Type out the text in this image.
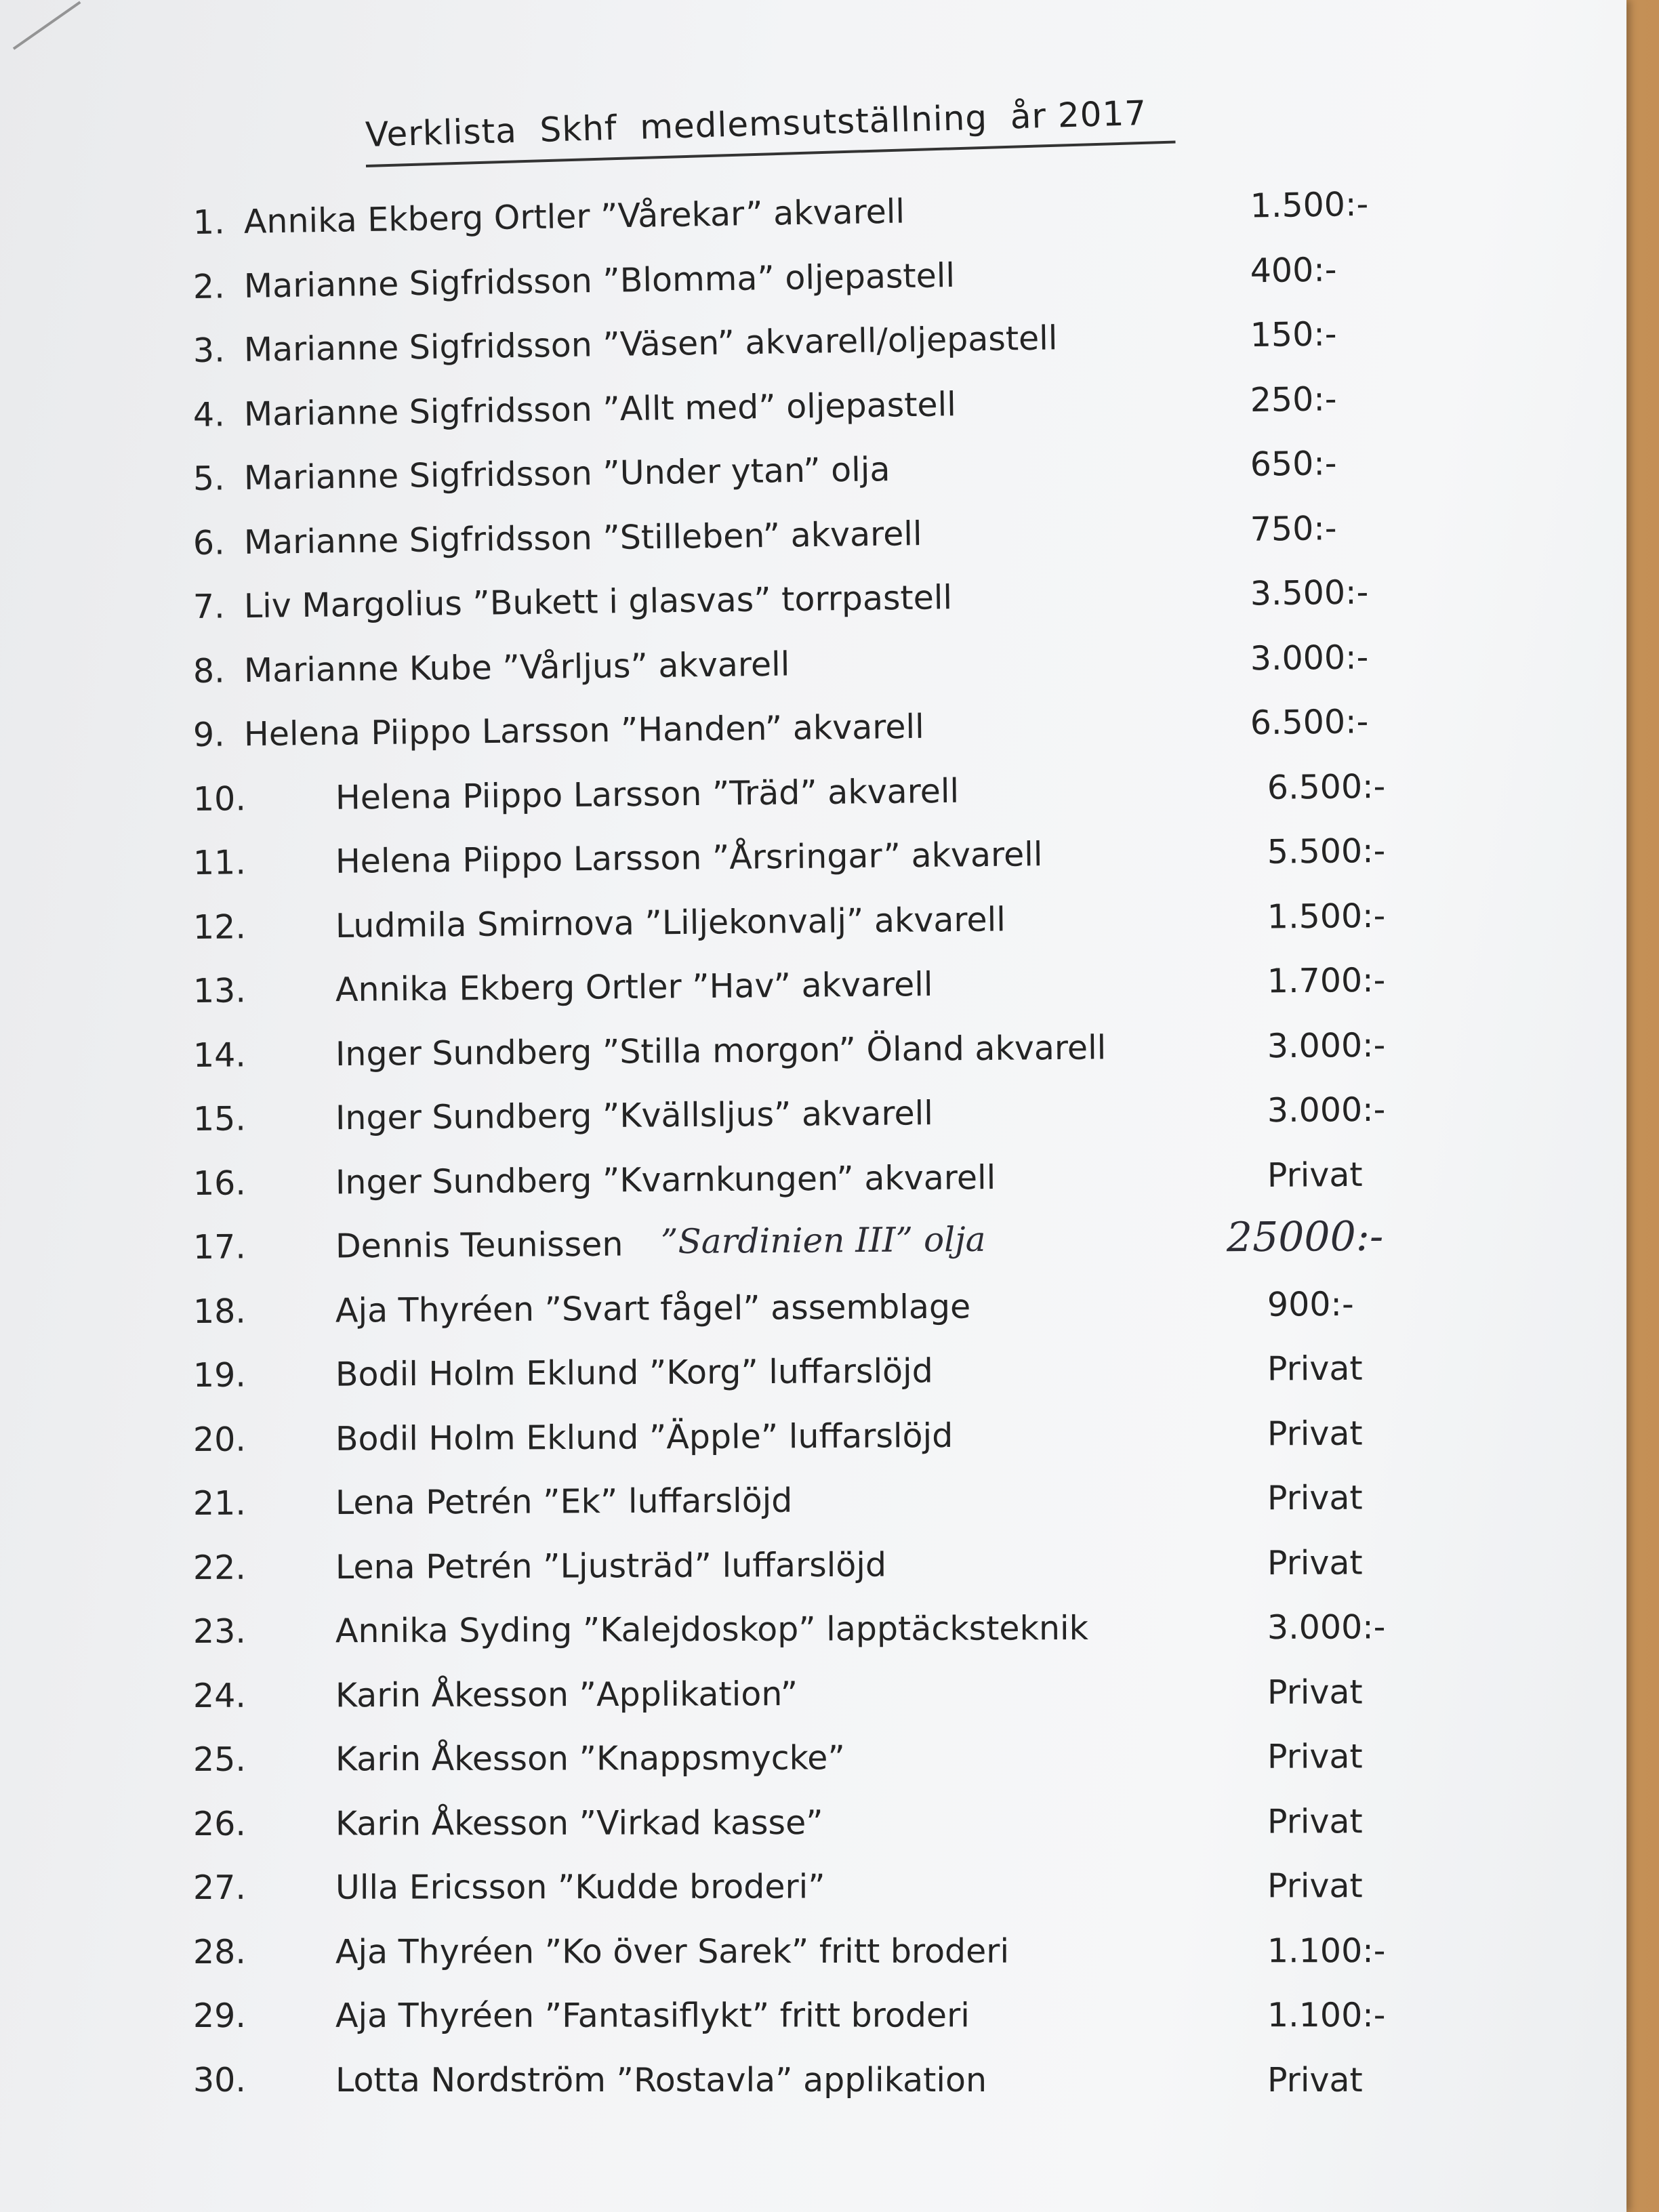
Verklista  Skhf  medlemsutställning  år 2017
1. Annika Ekberg Ortler ”Vårekar” akvarell	1.500:-
2. Marianne Sigfridsson ”Blomma” oljepastell	400:-
3. Marianne Sigfridsson ”Väsen” akvarell/oljepastell	150:-
4. Marianne Sigfridsson ”Allt med” oljepastell	250:-
5. Marianne Sigfridsson ”Under ytan” olja	650:-
6. Marianne Sigfridsson ”Stilleben” akvarell	750:-
7. Liv Margolius ”Bukett i glasvas” torrpastell	3.500:-
8. Marianne Kube ”Vårljus” akvarell	3.000:-
9. Helena Piippo Larsson ”Handen” akvarell	6.500:-
10.	Helena Piippo Larsson ”Träd” akvarell	6.500:-
11.	Helena Piippo Larsson ”Årsringar” akvarell	5.500:-
12.	Ludmila Smirnova ”Liljekonvalj” akvarell	1.500:-
13.	Annika Ekberg Ortler ”Hav” akvarell	1.700:-
14.	Inger Sundberg ”Stilla morgon” Öland akvarell	3.000:-
15.	Inger Sundberg ”Kvällsljus” akvarell	3.000:-
16.	Inger Sundberg ”Kvarnkungen” akvarell	Privat
17.	Dennis Teunissen ”Sardinien III” olja	25000:-
18.	Aja Thyréen ”Svart fågel” assemblage	900:-
19.	Bodil Holm Eklund ”Korg” luffarslöjd	Privat
20.	Bodil Holm Eklund ”Äpple” luffarslöjd	Privat
21.	Lena Petrén ”Ek” luffarslöjd	Privat
22.	Lena Petrén ”Ljusträd” luffarslöjd	Privat
23.	Annika Syding ”Kalejdoskop” lapptäcksteknik	3.000:-
24.	Karin Åkesson ”Applikation”	Privat
25.	Karin Åkesson ”Knappsmycke”	Privat
26.	Karin Åkesson ”Virkad kasse”	Privat
27.	Ulla Ericsson ”Kudde broderi”	Privat
28.	Aja Thyréen ”Ko över Sarek” fritt broderi	1.100:-
29.	Aja Thyréen ”Fantasiflykt” fritt broderi	1.100:-
30.	Lotta Nordström ”Rostavla” applikation	Privat
